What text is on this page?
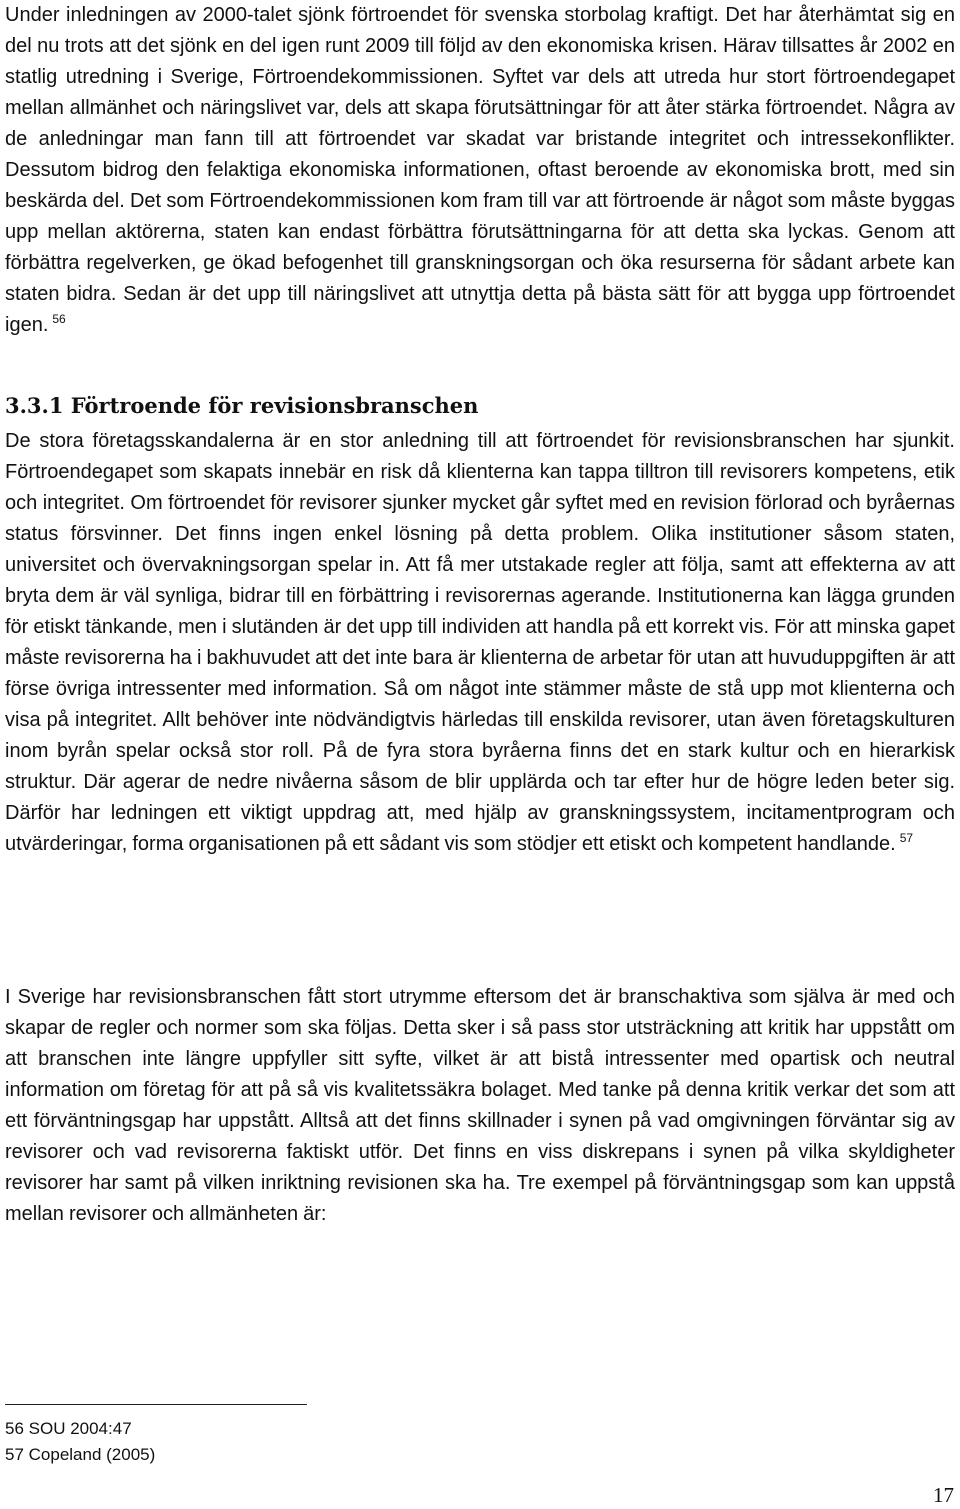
Under inledningen av 2000-talet sjönk förtroendet för svenska storbolag kraftigt. Det har återhämtat sig en del nu trots att det sjönk en del igen runt 2009 till följd av den ekonomiska krisen. Härav tillsattes år 2002 en statlig utredning i Sverige, Förtroendekommissionen. Syftet var dels att utreda hur stort förtroendegapet mellan allmänhet och näringslivet var, dels att skapa förutsättningar för att åter stärka förtroendet. Några av de anledningar man fann till att förtroendet var skadat var bristande integritet och intressekonflikter. Dessutom bidrog den felaktiga ekonomiska informationen, oftast beroende av ekonomiska brott, med sin beskärda del. Det som Förtroendekommissionen kom fram till var att förtroende är något som måste byggas upp mellan aktörerna, staten kan endast förbättra förutsättningarna för att detta ska lyckas. Genom att förbättra regelverken, ge ökad befogenhet till granskningsorgan och öka resurserna för sådant arbete kan staten bidra. Sedan är det upp till näringslivet att utnyttja detta på bästa sätt för att bygga upp förtroendet igen. $^{56}$

3.3.1 Förtroende för revisionsbranschen

De stora företagsskandalerna är en stor anledning till att förtroendet för revisionsbranschen har sjunkit. Förtroendegapet som skapats innebär en risk då klienterna kan tappa tilltron till revisorers kompetens, etik och integritet. Om förtroendet för revisorer sjunker mycket går syftet med en revision förlorad och byråernas status försvinner. Det finns ingen enkel lösning på detta problem. Olika institutioner såsom staten, universitet och övervakningsorgan spelar in. Att få mer utstakade regler att följa, samt att effekterna av att bryta dem är väl synliga, bidrar till en förbättring i revisorernas agerande. Institutionerna kan lägga grunden för etiskt tänkande, men i slutänden är det upp till individen att handla på ett korrekt vis. För att minska gapet måste revisorerna ha i bakhuvudet att det inte bara är klienterna de arbetar för utan att huvuduppgiften är att förse övriga intressenter med information. Så om något inte stämmer måste de stå upp mot klienterna och visa på integritet. Allt behöver inte nödvändigtvis härledas till enskilda revisorer, utan även företagskulturen inom byrån spelar också stor roll. På de fyra stora byråerna finns det en stark kultur och en hierarkisk struktur. Där agerar de nedre nivåerna såsom de blir upplärda och tar efter hur de högre leden beter sig. Därför har ledningen ett viktigt uppdrag att, med hjälp av granskningssystem, incitamentprogram och utvärderingar, forma organisationen på ett sådant vis som stödjer ett etiskt och kompetent handlande. $^{57}$

I Sverige har revisionsbranschen fått stort utrymme eftersom det är branschaktiva som själva är med och skapar de regler och normer som ska följas. Detta sker i så pass stor utsträckning att kritik har uppstått om att branschen inte längre uppfyller sitt syfte, vilket är att bistå intressenter med opartisk och neutral information om företag för att på så vis kvalitetssäkra bolaget. Med tanke på denna kritik verkar det som att ett förväntningsgap har uppstått. Alltså att det finns skillnader i synen på vad omgivningen förväntar sig av revisorer och vad revisorerna faktiskt utför. Det finns en viss diskrepans i synen på vilka skyldigheter revisorer har samt på vilken inriktning revisionen ska ha. Tre exempel på förväntningsgap som kan uppstå mellan revisorer och allmänheten är:

56 SOU 2004:47

57 Copeland (2005)

17
